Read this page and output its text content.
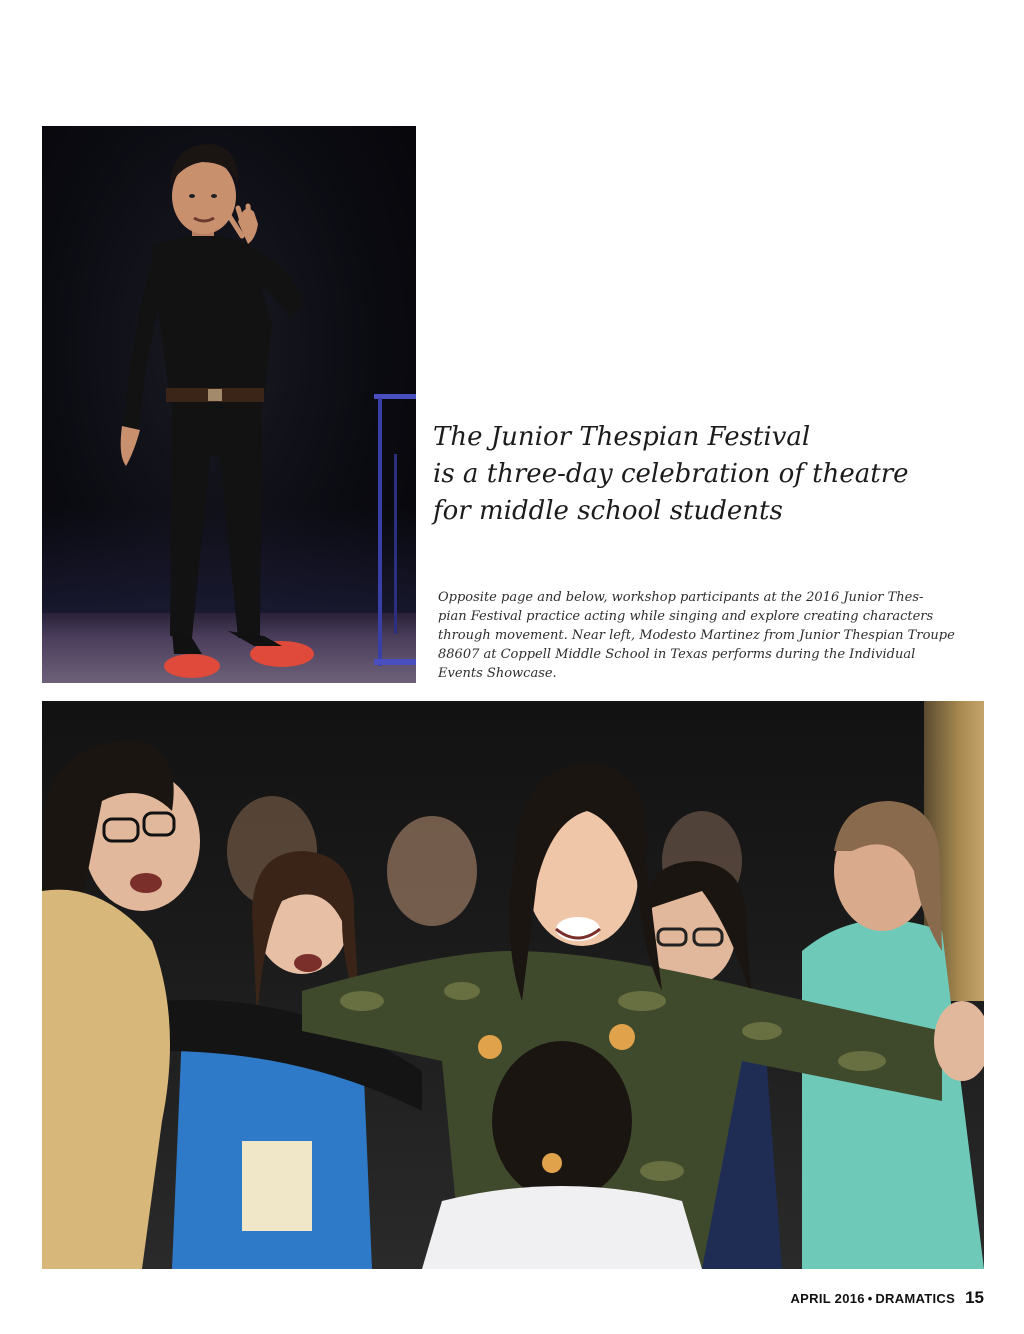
The Junior Thespian Festival
is a three-day celebration of theatre
for middle school students

Opposite page and below, workshop participants at the 2016 Junior Thes-
pian Festival practice acting while singing and explore creating characters
through movement. Near left, Modesto Martinez from Junior Thespian Troupe
88607 at Coppell Middle School in Texas performs during the Individual
Events Showcase.

APRIL 2016 • DRAMATICS 15
